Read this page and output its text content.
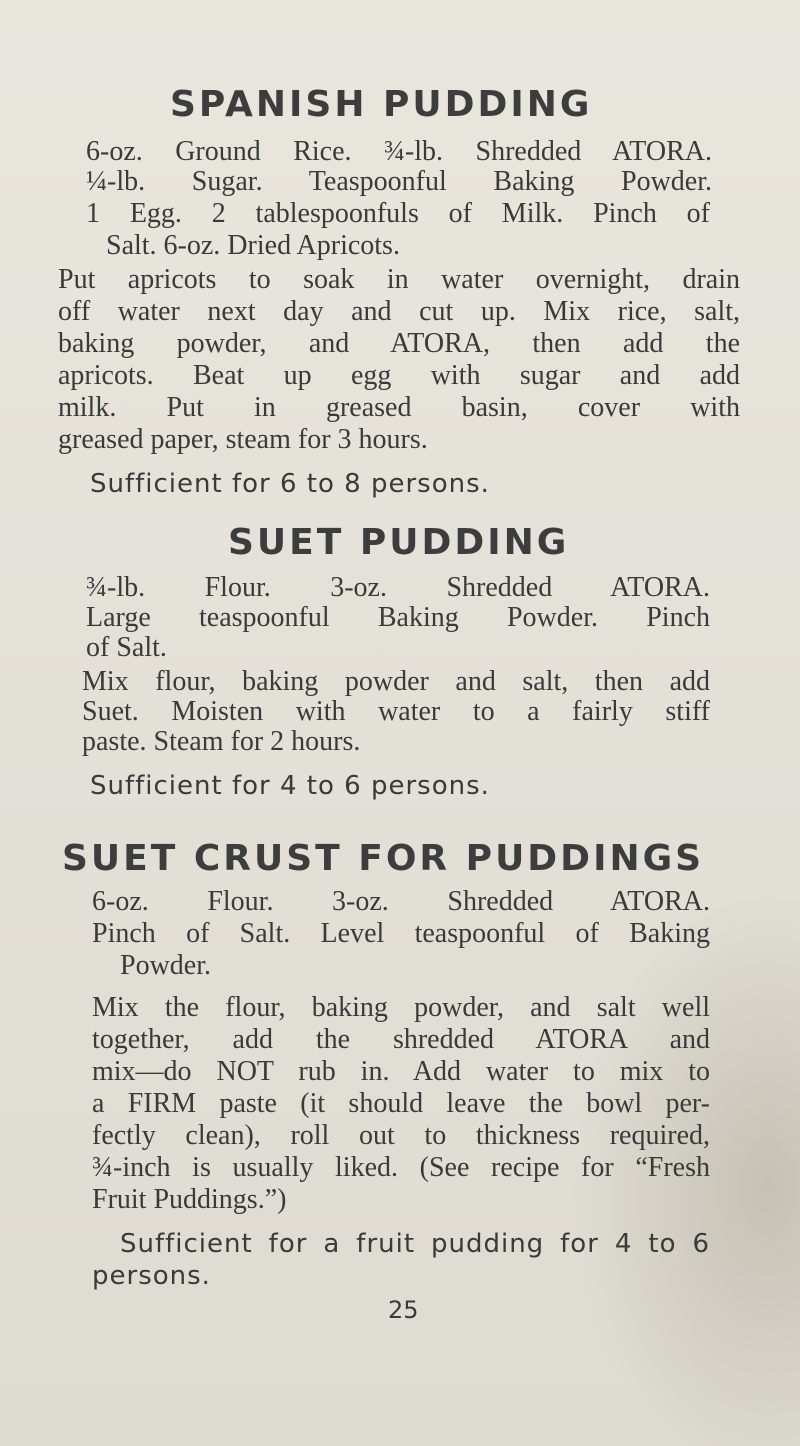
SPANISH PUDDING

6-oz. Ground Rice. ¾-lb. Shredded ATORA.

¼-lb. Sugar. Teaspoonful Baking Powder.

1 Egg. 2 tablespoonfuls of Milk. Pinch of

Salt. 6-oz. Dried Apricots.

Put apricots to soak in water overnight, drain

off water next day and cut up. Mix rice, salt,

baking powder, and ATORA, then add the

apricots. Beat up egg with sugar and add

milk. Put in greased basin, cover with

greased paper, steam for 3 hours.

Sufficient for 6 to 8 persons.

SUET PUDDING

¾-lb. Flour. 3-oz. Shredded ATORA.

Large teaspoonful Baking Powder. Pinch

of Salt.

Mix flour, baking powder and salt, then add

Suet. Moisten with water to a fairly stiff

paste. Steam for 2 hours.

Sufficient for 4 to 6 persons.

SUET CRUST FOR PUDDINGS

6-oz. Flour. 3-oz. Shredded ATORA.

Pinch of Salt. Level teaspoonful of Baking

Powder.

Mix the flour, baking powder, and salt well

together, add the shredded ATORA and

mix—do NOT rub in. Add water to mix to

a FIRM paste (it should leave the bowl per-

fectly clean), roll out to thickness required,

¾-inch is usually liked. (See recipe for “Fresh

Fruit Puddings.”)

Sufficient for a fruit pudding for 4 to 6

persons.

25
